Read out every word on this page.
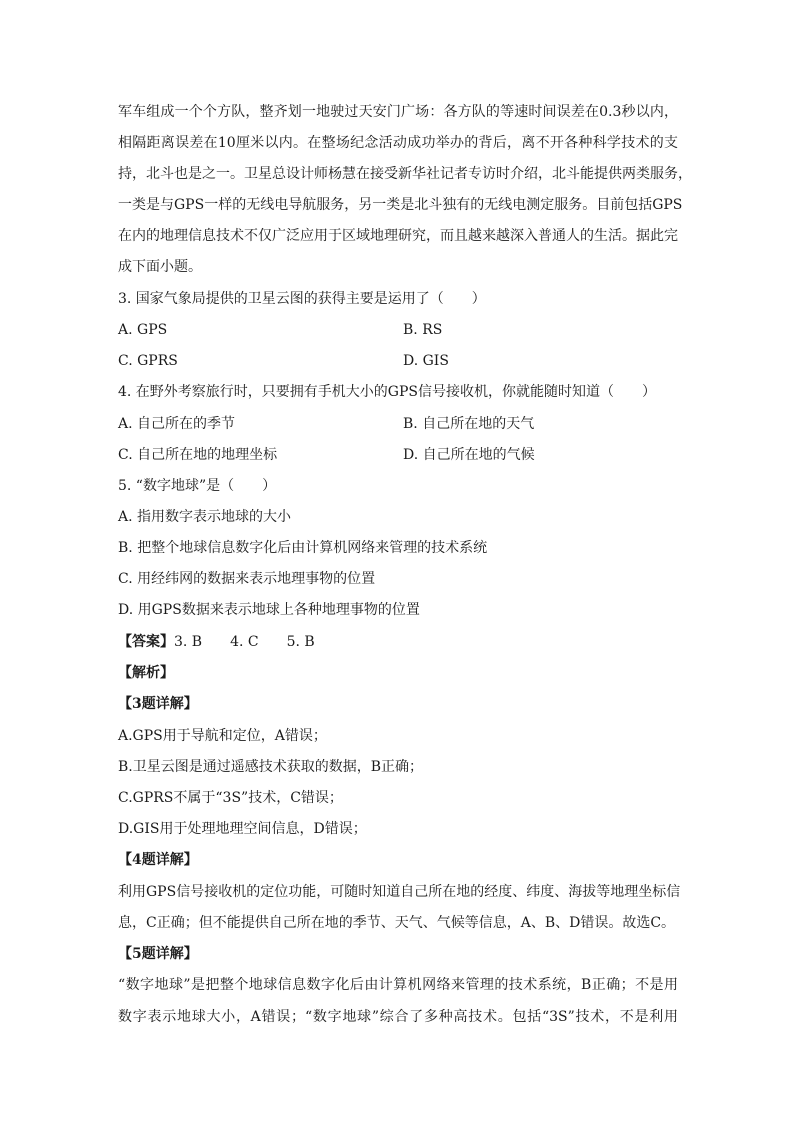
军车组成一个个方队，整齐划一地驶过天安门广场：各方队的等速时间误差在0.3秒以内，
相隔距离误差在10厘米以内。在整场纪念活动成功举办的背后，离不开各种科学技术的支
持，北斗也是之一。卫星总设计师杨慧在接受新华社记者专访时介绍，北斗能提供两类服务，
一类是与GPS一样的无线电导航服务，另一类是北斗独有的无线电测定服务。目前包括GPS
在内的地理信息技术不仅广泛应用于区域地理研究，而且越来越深入普通人的生活。据此完
成下面小题。
3. 国家气象局提供的卫星云图的获得主要是运用了（　　）
A. GPS	B. RS
C. GPRS	D. GIS
4. 在野外考察旅行时，只要拥有手机大小的GPS信号接收机，你就能随时知道（　　）
A. 自己所在的季节	B. 自己所在地的天气
C. 自己所在地的地理坐标	D. 自己所在地的气候
5. “数字地球”是（　　）
A. 指用数字表示地球的大小
B. 把整个地球信息数字化后由计算机网络来管理的技术系统
C. 用经纬网的数据来表示地理事物的位置
D. 用GPS数据来表示地球上各种地理事物的位置
【答案】3. B　　4. C　　5. B
【解析】
【3题详解】
A.GPS用于导航和定位，A错误；
B.卫星云图是通过遥感技术获取的数据，B正确；
C.GPRS不属于“3S”技术，C错误；
D.GIS用于处理地理空间信息，D错误；
【4题详解】
利用GPS信号接收机的定位功能，可随时知道自己所在地的经度、纬度、海拔等地理坐标信
息，C正确；但不能提供自己所在地的季节、天气、气候等信息，A、B、D错误。故选C。
【5题详解】
“数字地球”是把整个地球信息数字化后由计算机网络来管理的技术系统，B正确；不是用
数字表示地球大小，A错误；“数字地球”综合了多种高技术。包括“3S”技术，不是利用
